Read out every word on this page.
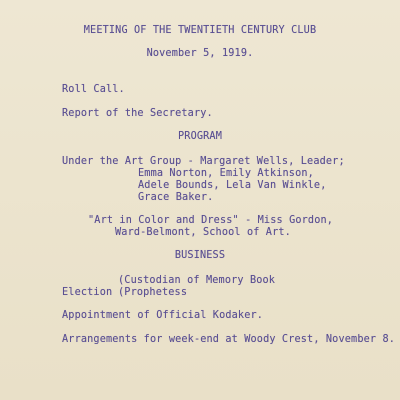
MEETING OF THE TWENTIETH CENTURY CLUB
November 5, 1919.
Roll Call.
Report of the Secretary.
PROGRAM
Under the Art Group - Margaret Wells, Leader;
Emma Norton, Emily Atkinson,
Adele Bounds, Lela Van Winkle,
Grace Baker.
"Art in Color and Dress" - Miss Gordon,
Ward-Belmont, School of Art.
BUSINESS
(Custodian of Memory Book
Election (Prophetess
Appointment of Official Kodaker.
Arrangements for week-end at Woody Crest, November 8.
